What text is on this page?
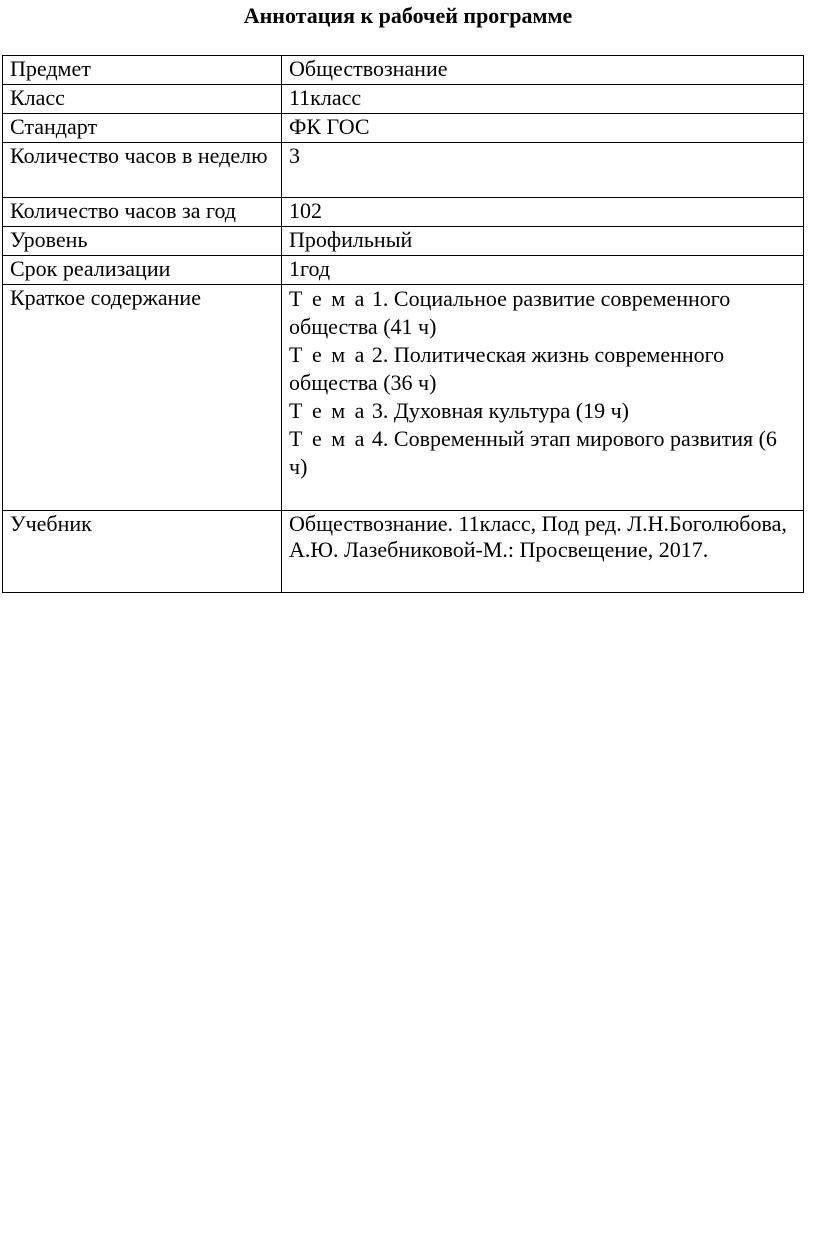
Аннотация к рабочей программе
Предмет	Обществознание
Класс	11класс
Стандарт	ФК ГОС
Количество часов в неделю	3
Количество часов за год	102
Уровень	Профильный
Срок реализации	1год
Краткое содержание	Т е м а 1. Социальное развитие современного общества (41 ч)
Т е м а 2. Политическая жизнь современного общества (36 ч)
Т е м а 3. Духовная культура (19 ч)
Т е м а 4. Современный этап мирового развития (6 ч)

Учебник	Обществознание. 11класс, Под ред. Л.Н.Боголюбова, А.Ю. Лазебниковой-М.: Просвещение, 2017.
